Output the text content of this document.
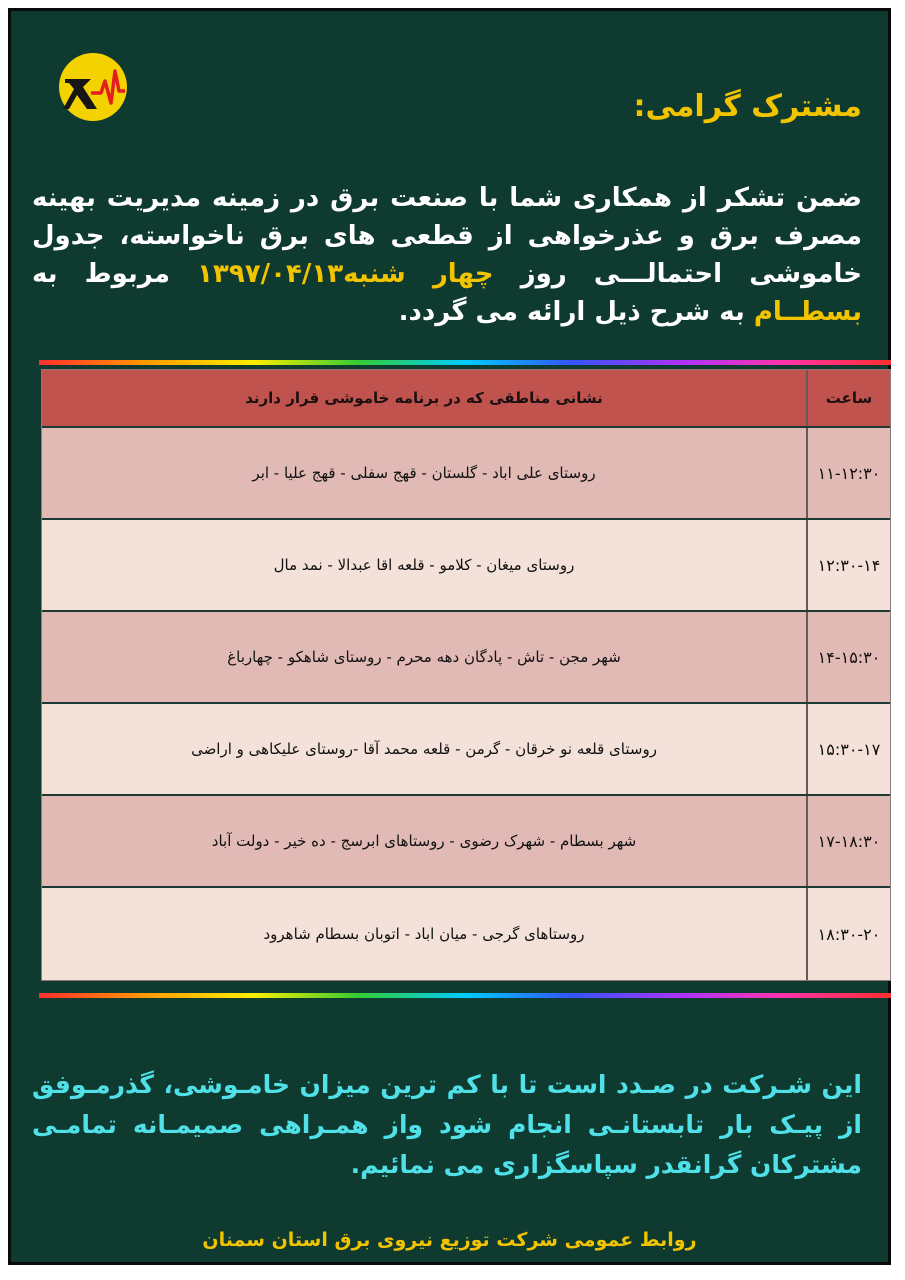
مشترک گرامی:
ضمن تشکر از همکاری شما با صنعت برق در زمینه مدیریت بهینه مصرف برق و عذرخواهی از قطعی های برق ناخواسته، جدول خاموشی احتمالـــی روز چهار شنبه۱۳۹۷/۰۴/۱۳ مربوط به بسطــام به شرح ذیل ارائه می گردد.
ساعت
نشانی مناطقی که در برنامه خاموشی قرار دارند
۱۱-۱۲:۳۰
روستای علی اباد - گلستان - قهج سفلی - قهج علیا - ابر
۱۲:۳۰-۱۴
روستای میغان - کلامو - قلعه اقا عبدالا - نمد مال
۱۴-۱۵:۳۰
شهر مجن - تاش - پادگان دهه محرم - روستای شاهکو - چهارباغ
۱۵:۳۰-۱۷
روستای قلعه نو خرقان - گرمن - قلعه محمد آقا -روستای علیکاهی و اراضی
۱۷-۱۸:۳۰
شهر بسطام - شهرک رضوی - روستاهای ابرسج - ده خیر - دولت آباد
۱۸:۳۰-۲۰
روستاهای گرجی - میان اباد - اتوبان بسطام شاهرود
این شـرکت در صـدد است تا با کم ترین میزان خامـوشی، گذرمـوفق از پیـک بار تابستانـی انجام شود واز همـراهی صمیمـانه تمامـی مشترکان گرانقدر سپاسگزاری می نمائیم.
روابط عمومی شرکت توزیع نیروی برق استان سمنان
